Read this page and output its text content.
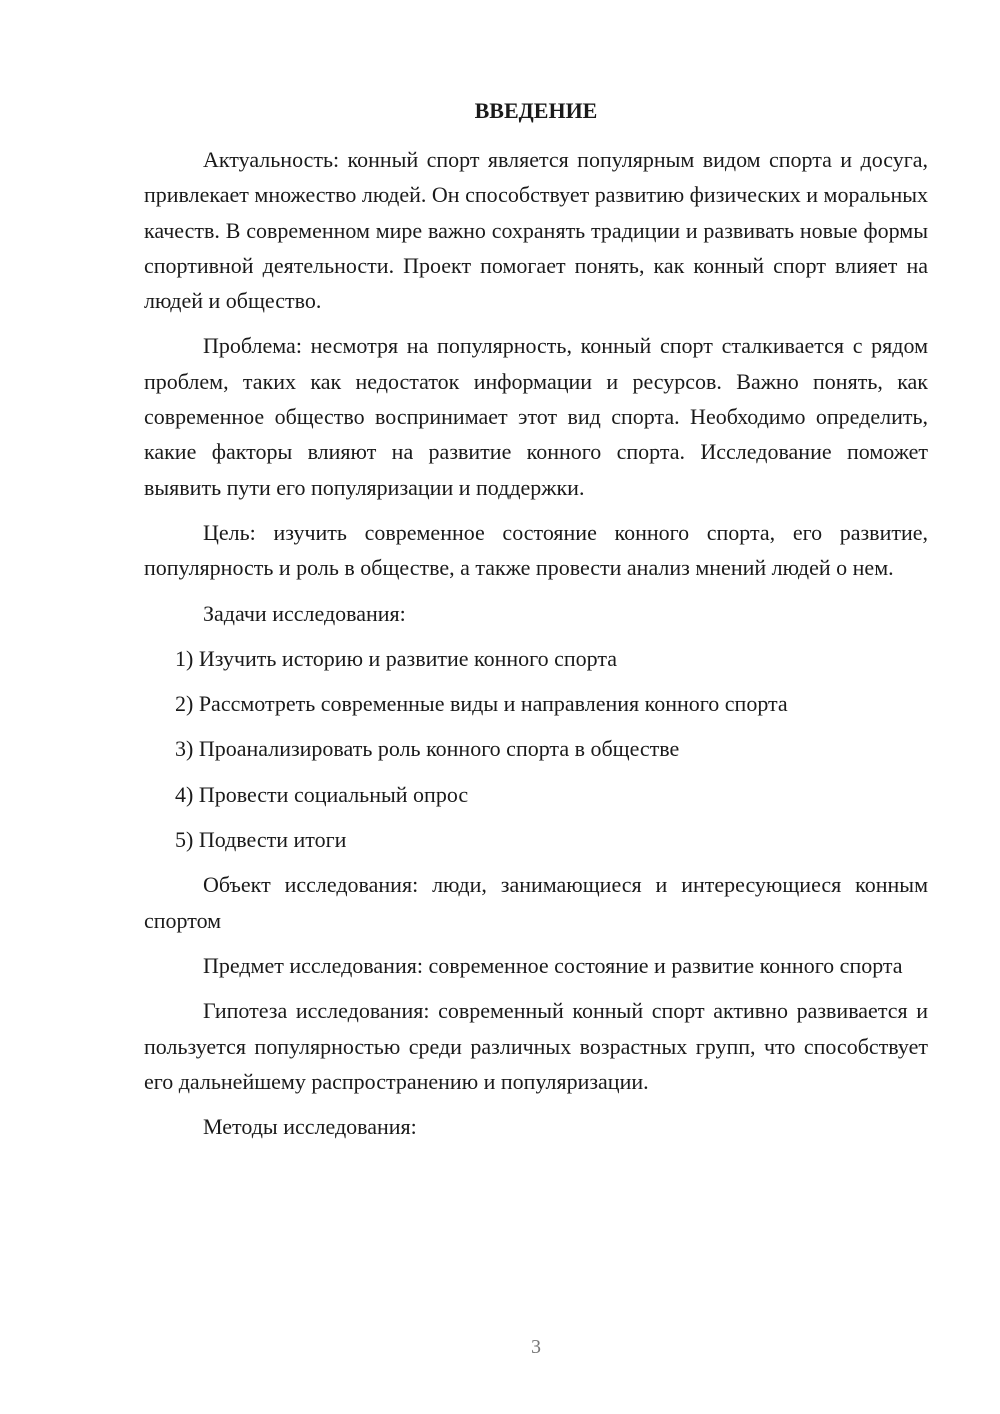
ВВЕДЕНИЕ

Актуальность: конный спорт является популярным видом спорта и досуга, привлекает множество людей. Он способствует развитию физических и моральных качеств. В современном мире важно сохранять традиции и развивать новые формы спортивной деятельности. Проект помогает понять, как конный спорт влияет на людей и общество.

Проблема: несмотря на популярность, конный спорт сталкивается с рядом проблем, таких как недостаток информации и ресурсов. Важно понять, как современное общество воспринимает этот вид спорта. Необходимо определить, какие факторы влияют на развитие конного спорта. Исследование поможет выявить пути его популяризации и поддержки.

Цель: изучить современное состояние конного спорта, его развитие, популярность и роль в обществе, а также провести анализ мнений людей о нем.

Задачи исследования:

1) Изучить историю и развитие конного спорта

2) Рассмотреть современные виды и направления конного спорта

3) Проанализировать роль конного спорта в обществе

4) Провести социальный опрос

5) Подвести итоги

Объект исследования: люди, занимающиеся и интересующиеся конным спортом

Предмет исследования: современное состояние и развитие конного спорта

Гипотеза исследования: современный конный спорт активно развивается и пользуется популярностью среди различных возрастных групп, что способствует его дальнейшему распространению и популяризации.

Методы исследования:

3
